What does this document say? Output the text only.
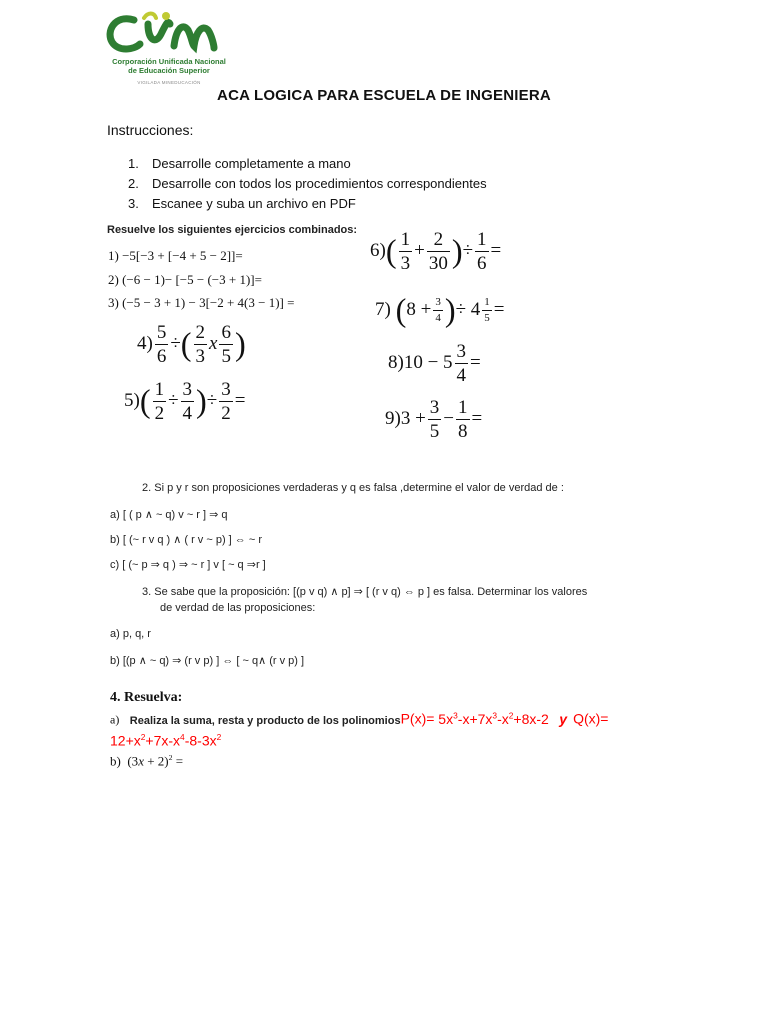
Corporación Unificada Nacional
de Educación Superior
VIGILADA MINEDUCACIÓN
ACA LOGICA PARA ESCUELA DE INGENIERA
Instrucciones:
1. Desarrolle completamente a mano
2. Desarrolle con todos los procedimientos correspondientes
3. Escanee y suba un archivo en PDF
Resuelve los siguientes ejercicios combinados:
1) −5[−3 + [−4 + 5 − 2]]=
2) (−6 − 1)− [−5 − (−3 + 1)]=
3) (−5 − 3 + 1) − 3[−2 + 4(3 − 1)] =
$4) \frac{5}{6}$ ÷( $\frac{2}{3}$ x $\frac{6}{5}$ )
$5)( \frac{1}{2} \div \frac{3}{4}$ )÷ $\frac{3}{2}$ =
$6)( \frac{1}{3} + \frac{2}{30}$ )÷ $\frac{1}{6}$ =
7) ($8 + \frac{3}{4}$ )÷ $4 \frac{1}{5}$ =
$8)10 - 5 \frac{3}{4}$ =
$9)3 + \frac{3}{5} - \frac{1}{8}$ =
2. Si p y r son proposiciones verdaderas y q es falsa ,determine el valor de verdad de :
a) [ ( p ∧ ~ q) v ~ r ] ⇒ q
b) [ (~ r v q ) ∧ ( r v ~ p) ] ⇔ ~ r
c) [ (~ p ⇒ q ) ⇒ ~ r ] v [ ~ q ⇒r ]
3. Se sabe que la proposición: [(p v q) ∧ p] ⇒ [ (r v q) ⇔ p ] es falsa. Determinar los valores
de verdad de las proposiciones:
a) p, q, r
b) [(p ∧ ~ q) ⇒ (r v p) ] ⇔ [ ~ q∧ (r v p) ]
4. Resuelva:
a) Realiza la suma, resta y producto de los polinomiosP(x)= $5x^3-x+7x^3-x^2+8x-2$ y Q(x)=
$12+x^2+7x-x^4-8-3x^2$
b)  $(3x + 2)^2$ =
